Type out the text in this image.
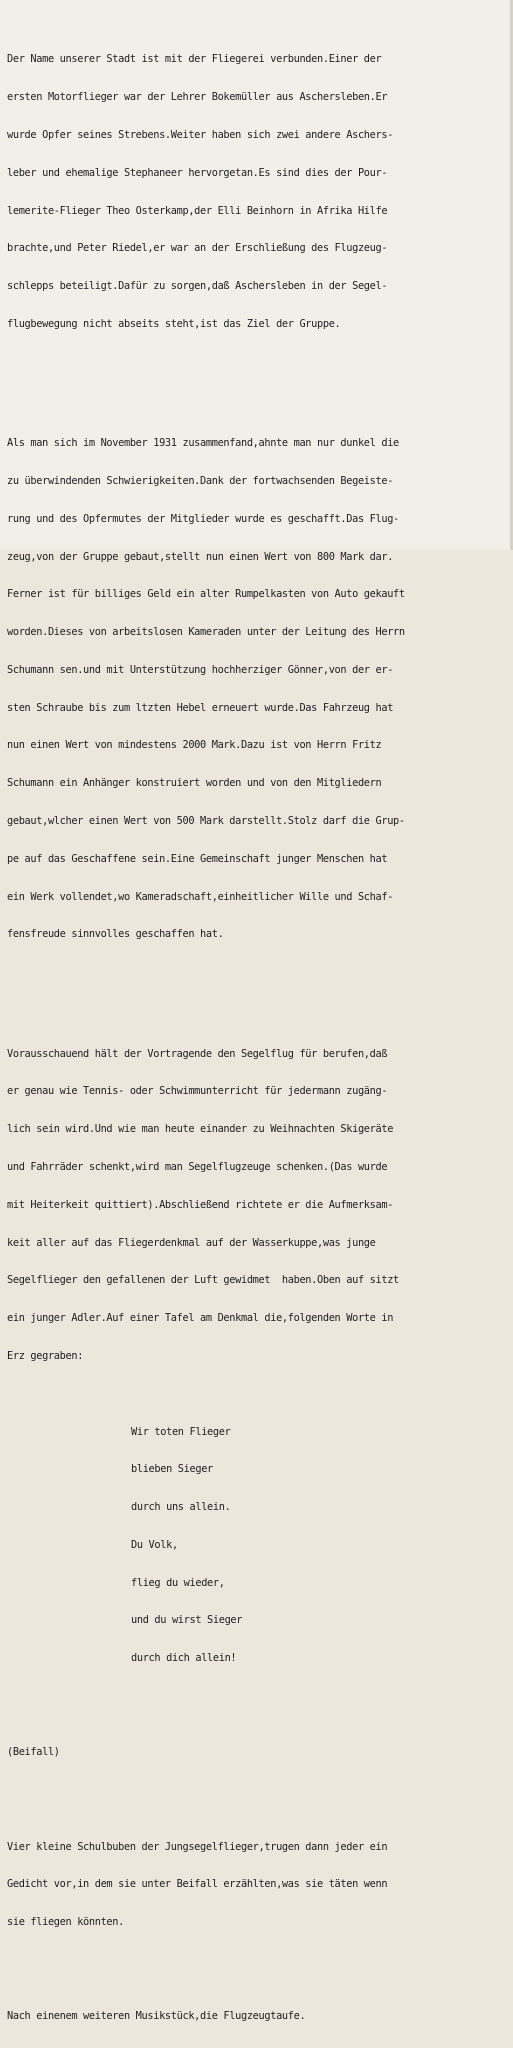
Der Name unserer Stadt ist mit der Fliegerei verbunden.Einer der

ersten Motorflieger war der Lehrer Bokemüller aus Aschersleben.Er

wurde Opfer seines Strebens.Weiter haben sich zwei andere Aschers-

leber und ehemalige Stephaneer hervorgetan.Es sind dies der Pour-

lemerite-Flieger Theo Osterkamp,der Elli Beinhorn in Afrika Hilfe

brachte,und Peter Riedel,er war an der Erschließung des Flugzeug-

schlepps beteiligt.Dafür zu sorgen,daß Aschersleben in der Segel-

flugbewegung nicht abseits steht,ist das Ziel der Gruppe.

Als man sich im November 1931 zusammenfand,ahnte man nur dunkel die

zu überwindenden Schwierigkeiten.Dank der fortwachsenden Begeiste-

rung und des Opfermutes der Mitglieder wurde es geschafft.Das Flug-

zeug,von der Gruppe gebaut,stellt nun einen Wert von 800 Mark dar.

Ferner ist für billiges Geld ein alter Rumpelkasten von Auto gekauft

worden.Dieses von arbeitslosen Kameraden unter der Leitung des Herrn

Schumann sen.und mit Unterstützung hochherziger Gönner,von der er-

sten Schraube bis zum ltzten Hebel erneuert wurde.Das Fahrzeug hat

nun einen Wert von mindestens 2000 Mark.Dazu ist von Herrn Fritz

Schumann ein Anhänger konstruiert worden und von den Mitgliedern

gebaut,wlcher einen Wert von 500 Mark darstellt.Stolz darf die Grup-

pe auf das Geschaffene sein.Eine Gemeinschaft junger Menschen hat

ein Werk vollendet,wo Kameradschaft,einheitlicher Wille und Schaf-

fensfreude sinnvolles geschaffen hat.

Vorausschauend hält der Vortragende den Segelflug für berufen,daß

er genau wie Tennis- oder Schwimmunterricht für jedermann zugäng-

lich sein wird.Und wie man heute einander zu Weihnachten Skigeräte

und Fahrräder schenkt,wird man Segelflugzeuge schenken.(Das wurde

mit Heiterkeit quittiert).Abschließend richtete er die Aufmerksam-

keit aller auf das Fliegerdenkmal auf der Wasserkuppe,was junge

Segelflieger den gefallenen der Luft gewidmet  haben.Oben auf sitzt

ein junger Adler.Auf einer Tafel am Denkmal die,folgenden Worte in

Erz gegraben:

Wir toten Flieger

blieben Sieger

durch uns allein.

Du Volk,

flieg du wieder,

und du wirst Sieger

durch dich allein!

(Beifall)

Vier kleine Schulbuben der Jungsegelflieger,trugen dann jeder ein

Gedicht vor,in dem sie unter Beifall erzählten,was sie täten wenn

sie fliegen könnten.

Nach einenem weiteren Musikstück,die Flugzeugtaufe.
